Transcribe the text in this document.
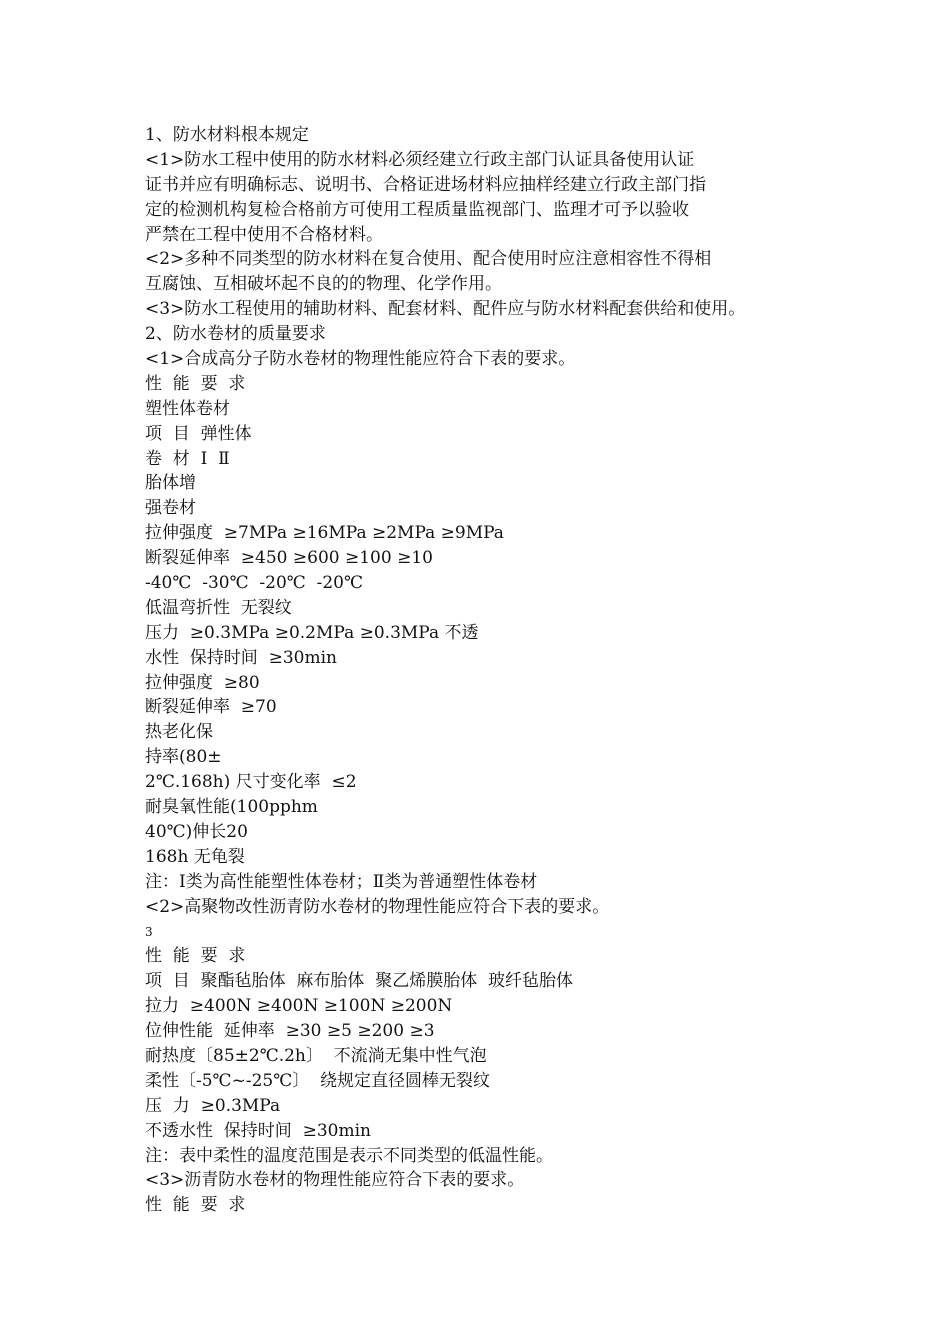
1、防水材料根本规定
<1>防水工程中使用的防水材料必须经建立行政主部门认证具备使用认证
证书并应有明确标志、说明书、合格证进场材料应抽样经建立行政主部门指
定的检测机构复检合格前方可使用工程质量监视部门、监理才可予以验收
严禁在工程中使用不合格材料。
<2>多种不同类型的防水材料在复合使用、配合使用时应注意相容性不得相
互腐蚀、互相破坏起不良的的物理、化学作用。
<3>防水工程使用的辅助材料、配套材料、配件应与防水材料配套供给和使用。
2、防水卷材的质量要求
<1>合成高分子防水卷材的物理性能应符合下表的要求。
性  能  要  求
塑性体卷材
项  目  弹性体
卷  材  Ⅰ  Ⅱ
胎体增
强卷材
拉伸强度  ≥7MPa ≥16MPa ≥2MPa ≥9MPa
断裂延伸率  ≥450 ≥600 ≥100 ≥10
-40℃  -30℃  -20℃  -20℃
低温弯折性  无裂纹
压力  ≥0.3MPa ≥0.2MPa ≥0.3MPa 不透
水性  保持时间  ≥30min
拉伸强度  ≥80
断裂延伸率  ≥70
热老化保
持率(80±
2℃.168h) 尺寸变化率  ≤2
耐臭氧性能(100pphm
40℃)伸长20
168h 无龟裂
注：Ⅰ类为高性能塑性体卷材；Ⅱ类为普通塑性体卷材
<2>高聚物改性沥青防水卷材的物理性能应符合下表的要求。
3
性  能  要  求
项  目  聚酯毡胎体  麻布胎体  聚乙烯膜胎体  玻纤毡胎体
拉力  ≥400N ≥400N ≥100N ≥200N
位伸性能  延伸率  ≥30 ≥5 ≥200 ≥3
耐热度〔85±2℃.2h〕  不流淌无集中性气泡
柔性〔-5℃~-25℃〕  绕规定直径圆棒无裂纹
压  力  ≥0.3MPa
不透水性  保持时间  ≥30min
注：表中柔性的温度范围是表示不同类型的低温性能。
<3>沥青防水卷材的物理性能应符合下表的要求。
性  能  要  求
